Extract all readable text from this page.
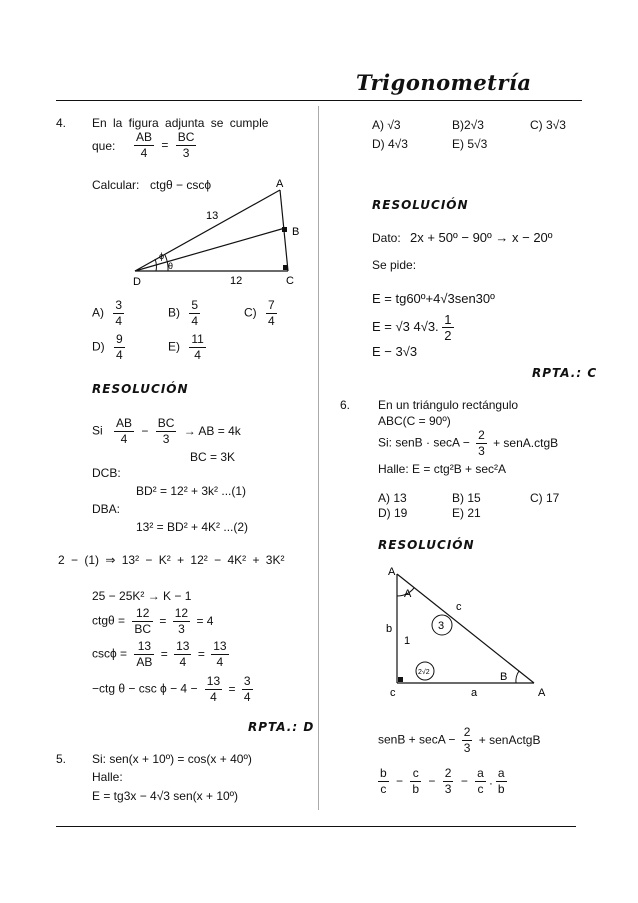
Trigonometría
4. En la figura adjunta se cumple
que: $\frac{AB}{4} = \frac{BC}{3}$
Calcular: ctgθ − cscϕ	A
B
C
D
13
12
ϕ
θ
$A) \frac{3}{4}$	$B) \frac{5}{4}$	$C) \frac{7}{4}$
$D) \frac{9}{4}$	$E) \frac{11}{4}$
RESOLUCIÓN
Si $\frac{AB}{4} - \frac{BC}{3}$ → AB = 4k
BC = 3K
DCB:
BD² = 12² + 3k² ...(1)
DBA:
13² = BD² + 4K² ...(2)
2 − (1) ⇒ 13² − K² + 12² − 4K² + 3K²
25 − 25K² → K − 1
$ctg\theta = \frac{12}{BC} = \frac{12}{3} = 4$
$\csc\phi = \frac{13}{AB} = \frac{13}{4} = \frac{13}{4}$
−ctg $\theta - \csc \phi - 4 - \frac{13}{4} = \frac{3}{4}$
RPTA.: D
5. Si: sen(x + 10º) = cos(x + 40º)
Halle:
E = tg3x − 4√3 sen(x + 10º)
A) √3	B)2√3	C) 3√3
D) 4√3	E) 5√3
RESOLUCIÓN
Dato: 2x + 50º − 90º → x − 20º
Se pide:
E = tg60º+4√3sen30º
E = √3 4√3. $\frac{1}{2}$
E − 3√3
RPTA.: C
6. En un triángulo rectángulo
ABC(C = 90º)
Si: senB · $\sec A - \frac{2}{3}$ + senA.ctgB
Halle: E = ctg²B + sec²A
A) 13	B) 15	C) 17
D) 19	E) 21
RESOLUCIÓN
A
A
A
B
c
b
1
3
2√2
a
c
senB + $\sec A - \frac{2}{3}$ + senActgB
$\frac{b}{c} - \frac{c}{b} - \frac{2}{3} - \frac{a}{c}$ . $\frac{a}{b}$
